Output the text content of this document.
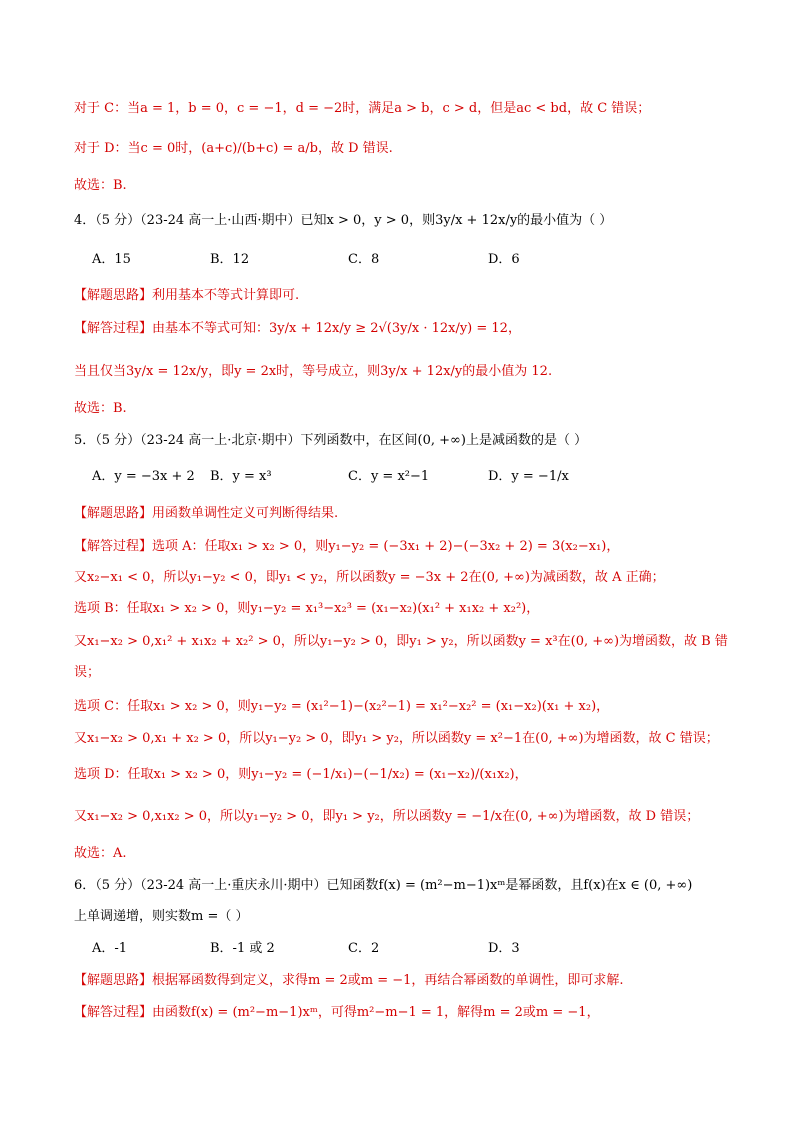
对于 C：当a = 1，b = 0，c = −1，d = −2时，满足a > b，c > d，但是ac < bd，故 C 错误；
对于 D：当c = 0时，(a+c)/(b+c) = a/b，故 D 错误.
故选：B.
4．（5 分）（23-24 高一上·山西·期中）已知x > 0，y > 0，则3y/x + 12x/y的最小值为（ ）
【解题思路】利用基本不等式计算即可.
【解答过程】由基本不等式可知：3y/x + 12x/y ≥ 2√(3y/x · 12x/y) = 12，
当且仅当3y/x = 12x/y，即y = 2x时，等号成立，则3y/x + 12x/y的最小值为 12.
故选：B.
5．（5 分）（23-24 高一上·北京·期中）下列函数中，在区间(0, +∞)上是减函数的是（ ）
【解题思路】用函数单调性定义可判断得结果.
【解答过程】选项 A：任取x₁ > x₂ > 0，则y₁−y₂ = (−3x₁ + 2)−(−3x₂ + 2) = 3(x₂−x₁)，
又x₂−x₁ < 0，所以y₁−y₂ < 0，即y₁ < y₂，所以函数y = −3x + 2在(0, +∞)为减函数，故 A 正确；
选项 B：任取x₁ > x₂ > 0，则y₁−y₂ = x₁³−x₂³ = (x₁−x₂)(x₁² + x₁x₂ + x₂²)，
又x₁−x₂ > 0,x₁² + x₁x₂ + x₂² > 0，所以y₁−y₂ > 0，即y₁ > y₂，所以函数y = x³在(0, +∞)为增函数，故 B 错
误；
选项 C：任取x₁ > x₂ > 0，则y₁−y₂ = (x₁²−1)−(x₂²−1) = x₁²−x₂² = (x₁−x₂)(x₁ + x₂)，
又x₁−x₂ > 0,x₁ + x₂ > 0，所以y₁−y₂ > 0，即y₁ > y₂，所以函数y = x²−1在(0, +∞)为增函数，故 C 错误；
选项 D：任取x₁ > x₂ > 0，则y₁−y₂ = (−1/x₁)−(−1/x₂) = (x₁−x₂)/(x₁x₂)，
又x₁−x₂ > 0,x₁x₂ > 0，所以y₁−y₂ > 0，即y₁ > y₂，所以函数y = −1/x在(0, +∞)为增函数，故 D 错误；
故选：A.
6．（5 分）（23-24 高一上·重庆永川·期中）已知函数f(x) = (m²−m−1)xᵐ是幂函数，且f(x)在x ∈ (0, +∞)
上单调递增，则实数m =（ ）
【解题思路】根据幂函数得到定义，求得m = 2或m = −1，再结合幂函数的单调性，即可求解.
【解答过程】由函数f(x) = (m²−m−1)xᵐ，可得m²−m−1 = 1，解得m = 2或m = −1，
A．15	B．12	C．8	D．6
A．y = −3x + 2 B．y = x³	C．y = x²−1	D．y = −1/x
A．-1	B．-1 或 2	C．2	D．3
